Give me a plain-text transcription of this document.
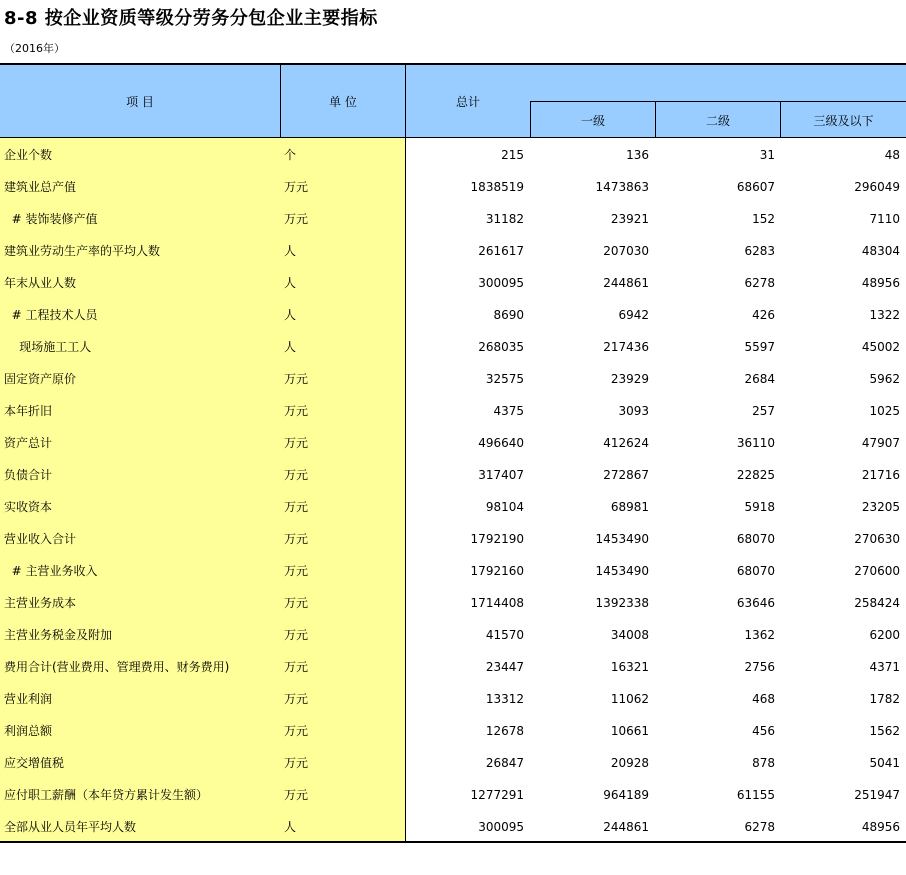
8-8 按企业资质等级分劳务分包企业主要指标
（2016年）
项 目	单 位	总计
一级	二级	三级及以下
企业个数	个	215	136	31	48
建筑业总产值	万元	1838519	1473863	68607	296049
# 装饰装修产值	万元	31182	23921	152	7110
建筑业劳动生产率的平均人数	人	261617	207030	6283	48304
年末从业人数	人	300095	244861	6278	48956
# 工程技术人员	人	8690	6942	426	1322
现场施工工人	人	268035	217436	5597	45002
固定资产原价	万元	32575	23929	2684	5962
本年折旧	万元	4375	3093	257	1025
资产总计	万元	496640	412624	36110	47907
负债合计	万元	317407	272867	22825	21716
实收资本	万元	98104	68981	5918	23205
营业收入合计	万元	1792190	1453490	68070	270630
# 主营业务收入	万元	1792160	1453490	68070	270600
主营业务成本	万元	1714408	1392338	63646	258424
主营业务税金及附加	万元	41570	34008	1362	6200
费用合计(营业费用、管理费用、财务费用)	万元	23447	16321	2756	4371
营业利润	万元	13312	11062	468	1782
利润总额	万元	12678	10661	456	1562
应交增值税	万元	26847	20928	878	5041
应付职工薪酬（本年贷方累计发生额）	万元	1277291	964189	61155	251947
全部从业人员年平均人数	人	300095	244861	6278	48956
